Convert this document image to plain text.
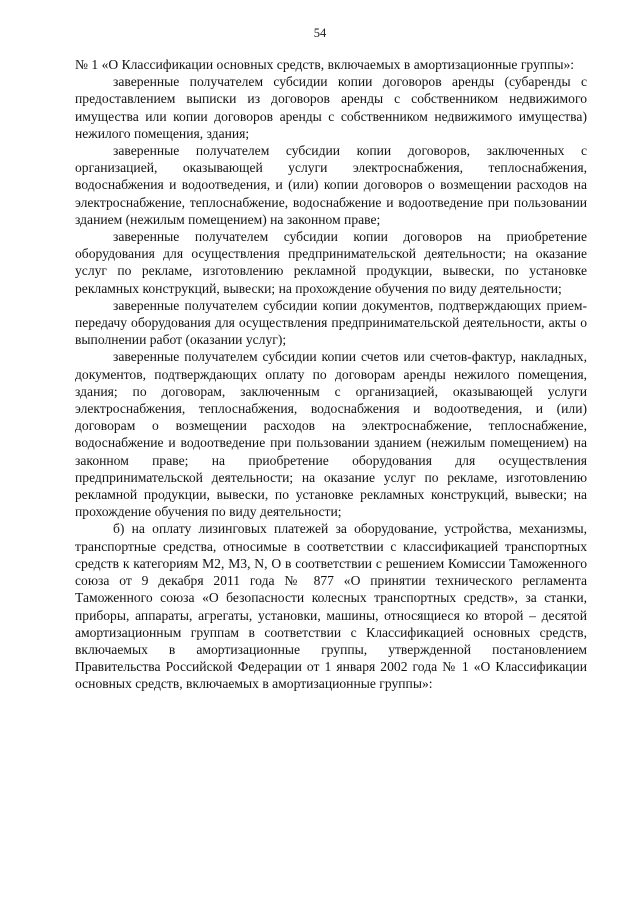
54

№ 1 «О Классификации основных средств, включаемых в амортизационные группы»:

заверенные получателем субсидии копии договоров аренды (субаренды с предоставлением выписки из договоров аренды с собственником недвижимого имущества или копии договоров аренды с собственником недвижимого имущества) нежилого помещения, здания;

заверенные получателем субсидии копии договоров, заключенных с организацией, оказывающей услуги электроснабжения, теплоснабжения, водоснабжения и водоотведения, и (или) копии договоров о возмещении расходов на электроснабжение, теплоснабжение, водоснабжение и водоотведение при пользовании зданием (нежилым помещением) на законном праве;

заверенные получателем субсидии копии договоров на приобретение оборудования для осуществления предпринимательской деятельности; на оказание услуг по рекламе, изготовлению рекламной продукции, вывески, по установке рекламных конструкций, вывески; на прохождение обучения по виду деятельности;

заверенные получателем субсидии копии документов, подтверждающих прием-передачу оборудования для осуществления предпринимательской деятельности, акты о выполнении работ (оказании услуг);

заверенные получателем субсидии копии счетов или счетов-фактур, накладных, документов, подтверждающих оплату по договорам аренды нежилого помещения, здания; по договорам, заключенным с организацией, оказывающей услуги электроснабжения, теплоснабжения, водоснабжения и водоотведения, и (или) договорам о возмещении расходов на электроснабжение, теплоснабжение, водоснабжение и водоотведение при пользовании зданием (нежилым помещением) на законном праве; на приобретение оборудования для осуществления предпринимательской деятельности; на оказание услуг по рекламе, изготовлению рекламной продукции, вывески, по установке рекламных конструкций, вывески; на прохождение обучения по виду деятельности;

б) на оплату лизинговых платежей за оборудование, устройства, механизмы, транспортные средства, относимые в соответствии с классификацией транспортных средств к категориям M2, M3, N, O в соответствии с решением Комиссии Таможенного союза от 9 декабря 2011 года № 877 «О принятии технического регламента Таможенного союза «О безопасности колесных транспортных средств», за станки, приборы, аппараты, агрегаты, установки, машины, относящиеся ко второй – десятой амортизационным группам в соответствии с Классификацией основных средств, включаемых в амортизационные группы, утвержденной постановлением Правительства Российской Федерации от 1 января 2002 года № 1 «О Классификации основных средств, включаемых в амортизационные группы»:
